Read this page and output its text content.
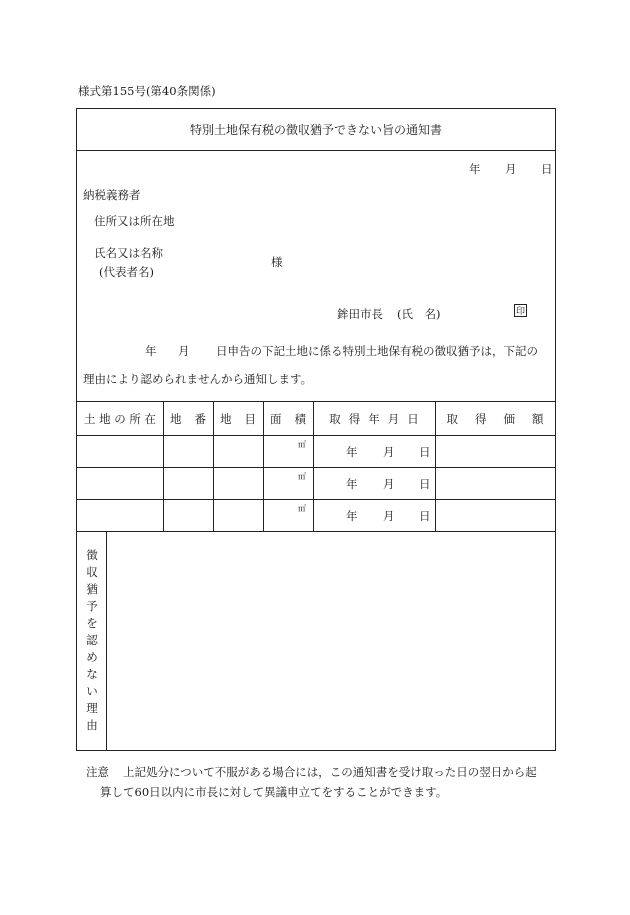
様式第155号(第40条関係)
特別土地保有税の徴収猶予できない旨の通知書
年 月 日
納税義務者
住所又は所在地
氏名又は名称
(代表者名)
様
鉾田市長 (氏　名)	印
年 月 日申告の下記土地に係る特別土地保有税の徴収猶予は，下記の
理由により認められませんから通知します。
土 地 の 所 在 地番 地目 面積 取得年月日 取得価額
㎡
年 月 日
㎡
年 月 日
㎡
年 月 日
徴
収
猶
予
を
認
め
な
い
理
由
注意 上記処分について不服がある場合には，この通知書を受け取った日の翌日から起
算して60日以内に市長に対して異議申立てをすることができます。
